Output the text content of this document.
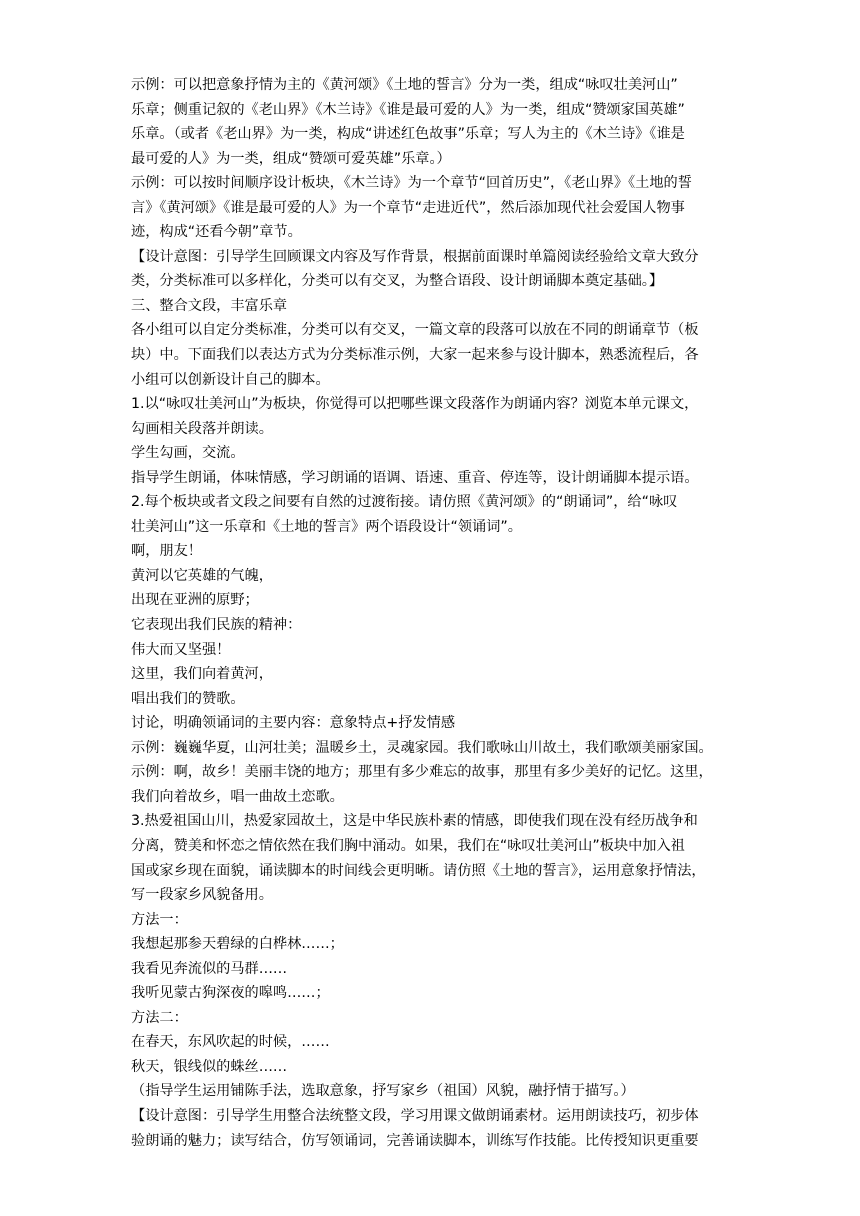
示例：可以把意象抒情为主的《黄河颂》《土地的誓言》分为一类，组成“咏叹壮美河山”
乐章；侧重记叙的《老山界》《木兰诗》《谁是最可爱的人》为一类，组成“赞颂家国英雄”
乐章。（或者《老山界》为一类，构成“讲述红色故事”乐章；写人为主的《木兰诗》《谁是
最可爱的人》为一类，组成“赞颂可爱英雄”乐章。）
示例：可以按时间顺序设计板块，《木兰诗》为一个章节“回首历史”，《老山界》《土地的誓
言》《黄河颂》《谁是最可爱的人》为一个章节“走进近代”，然后添加现代社会爱国人物事
迹，构成“还看今朝”章节。
【设计意图：引导学生回顾课文内容及写作背景，根据前面课时单篇阅读经验给文章大致分
类，分类标准可以多样化，分类可以有交叉，为整合语段、设计朗诵脚本奠定基础。】
三、整合文段，丰富乐章
各小组可以自定分类标准，分类可以有交叉，一篇文章的段落可以放在不同的朗诵章节（板
块）中。下面我们以表达方式为分类标准示例，大家一起来参与设计脚本，熟悉流程后，各
小组可以创新设计自己的脚本。
1.以“咏叹壮美河山”为板块，你觉得可以把哪些课文段落作为朗诵内容？浏览本单元课文，
勾画相关段落并朗读。
学生勾画，交流。
指导学生朗诵，体味情感，学习朗诵的语调、语速、重音、停连等，设计朗诵脚本提示语。
2.每个板块或者文段之间要有自然的过渡衔接。请仿照《黄河颂》的“朗诵词”，给“咏叹
壮美河山”这一乐章和《土地的誓言》两个语段设计“领诵词”。
啊，朋友！
黄河以它英雄的气魄，
出现在亚洲的原野；
它表现出我们民族的精神：
伟大而又坚强！
这里，我们向着黄河，
唱出我们的赞歌。
讨论，明确领诵词的主要内容：意象特点+抒发情感
示例：巍巍华夏，山河壮美；温暖乡土，灵魂家园。我们歌咏山川故土，我们歌颂美丽家国。
示例：啊，故乡！美丽丰饶的地方；那里有多少难忘的故事，那里有多少美好的记忆。这里，
我们向着故乡，唱一曲故土恋歌。
3.热爱祖国山川，热爱家园故土，这是中华民族朴素的情感，即使我们现在没有经历战争和
分离，赞美和怀恋之情依然在我们胸中涌动。如果，我们在“咏叹壮美河山”板块中加入祖
国或家乡现在面貌，诵读脚本的时间线会更明晰。请仿照《土地的誓言》，运用意象抒情法，
写一段家乡风貌备用。
方法一：
我想起那参天碧绿的白桦林……；
我看见奔流似的马群……
我听见蒙古狗深夜的嗥鸣……；
方法二：
在春天，东风吹起的时候，……
秋天，银线似的蛛丝……
（指导学生运用铺陈手法，选取意象，抒写家乡（祖国）风貌，融抒情于描写。）
【设计意图：引导学生用整合法统整文段，学习用课文做朗诵素材。运用朗读技巧，初步体
验朗诵的魅力；读写结合，仿写领诵词，完善诵读脚本，训练写作技能。比传授知识更重要
